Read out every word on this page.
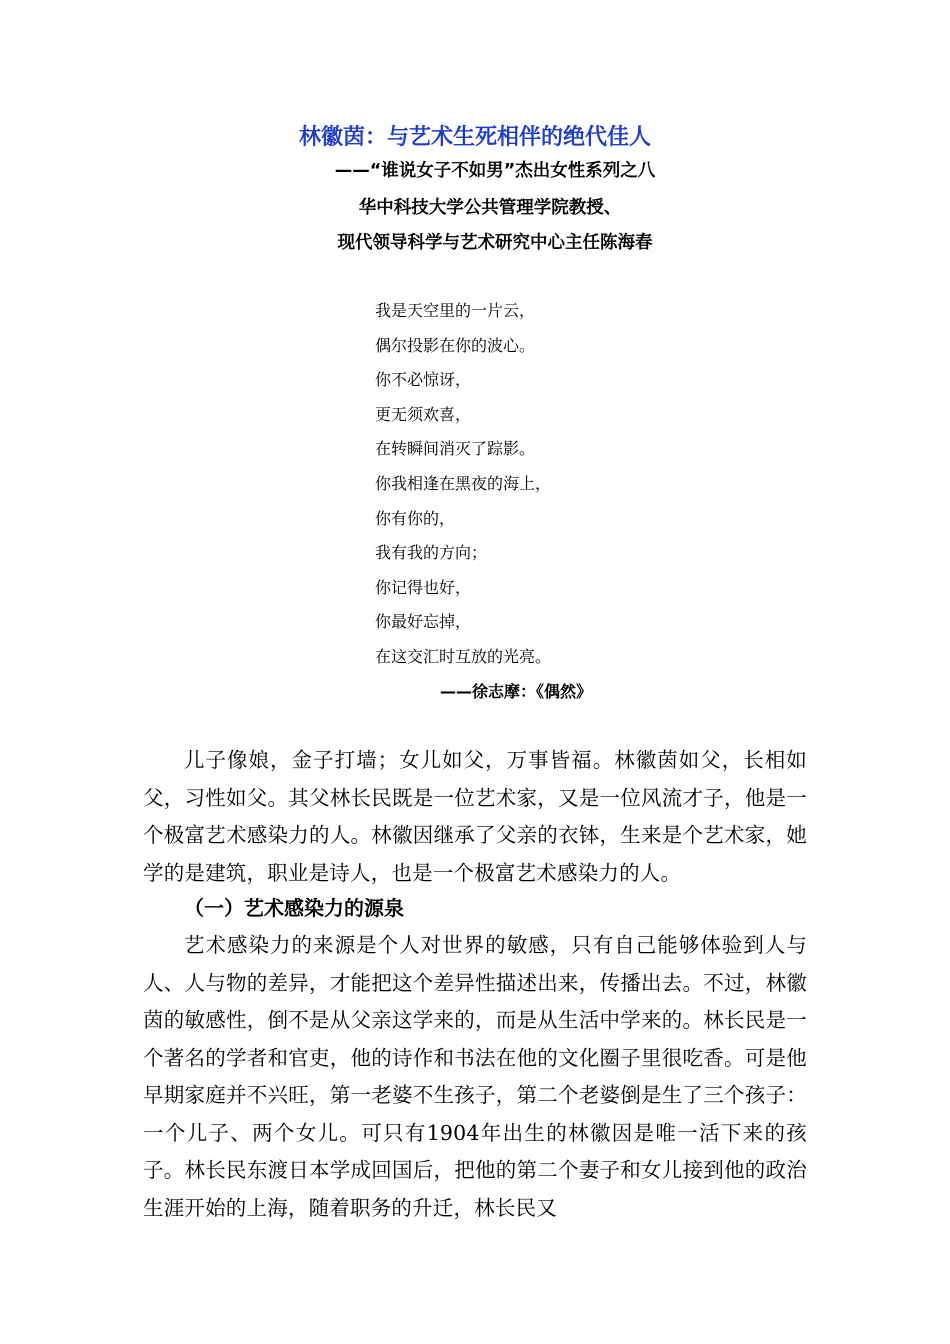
林徽茵：与艺术生死相伴的绝代佳人
——“谁说女子不如男”杰出女性系列之八
华中科技大学公共管理学院教授、
现代领导科学与艺术研究中心主任陈海春
我是天空里的一片云，
偶尔投影在你的波心。
你不必惊讶，
更无须欢喜，
在转瞬间消灭了踪影。
你我相逢在黑夜的海上，
你有你的，
我有我的方向；
你记得也好，
你最好忘掉，
在这交汇时互放的光亮。
——徐志摩：《偶然》

儿子像娘，金子打墙；女儿如父，万事皆福。林徽茵如父，长相如父，习性如父。其父林长民既是一位艺术家，又是一位风流才子，他是一个极富艺术感染力的人。林徽因继承了父亲的衣钵，生来是个艺术家，她学的是建筑，职业是诗人，也是一个极富艺术感染力的人。

（一）艺术感染力的源泉

艺术感染力的来源是个人对世界的敏感，只有自己能够体验到人与人、人与物的差异，才能把这个差异性描述出来，传播出去。不过，林徽茵的敏感性，倒不是从父亲这学来的，而是从生活中学来的。林长民是一个著名的学者和官吏，他的诗作和书法在他的文化圈子里很吃香。可是他早期家庭并不兴旺，第一老婆不生孩子，第二个老婆倒是生了三个孩子：一个儿子、两个女儿。可只有1904年出生的林徽因是唯一活下来的孩子。林长民东渡日本学成回国后，把他的第二个妻子和女儿接到他的政治生涯开始的上海，随着职务的升迁，林长民又
